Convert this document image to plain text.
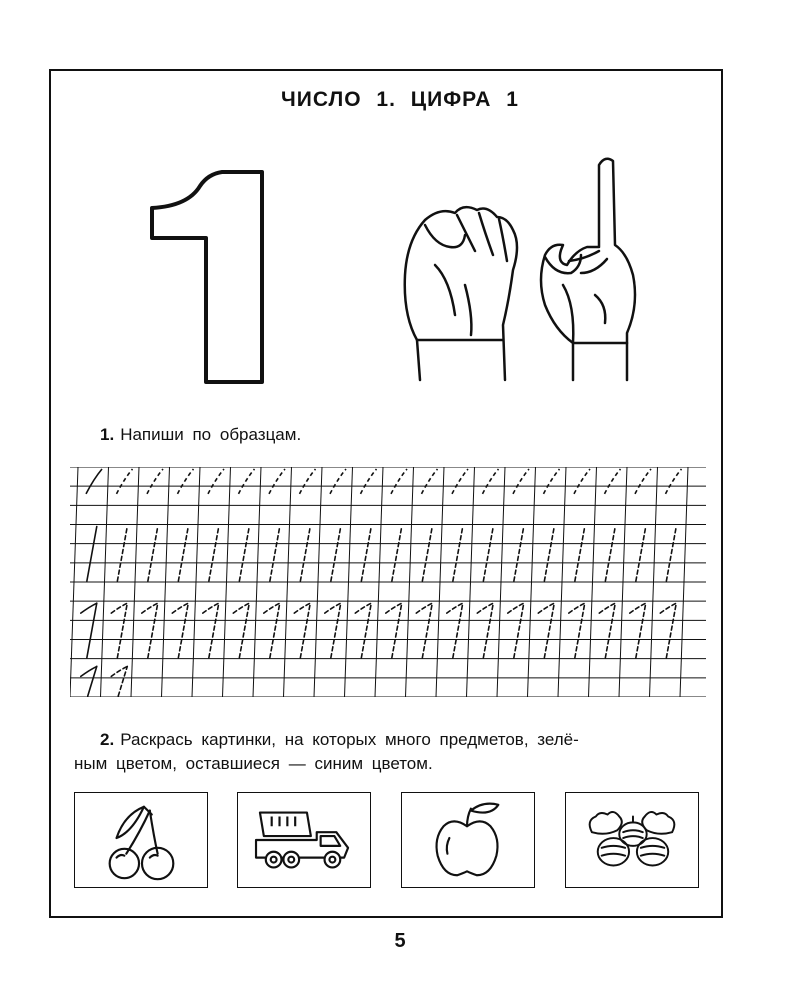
ЧИСЛО 1. ЦИФРА 1
1. Напиши по образцам.
2. Раскрась картинки, на которых много предметов, зелё-
ным цветом, оставшиеся — синим цветом.
5
